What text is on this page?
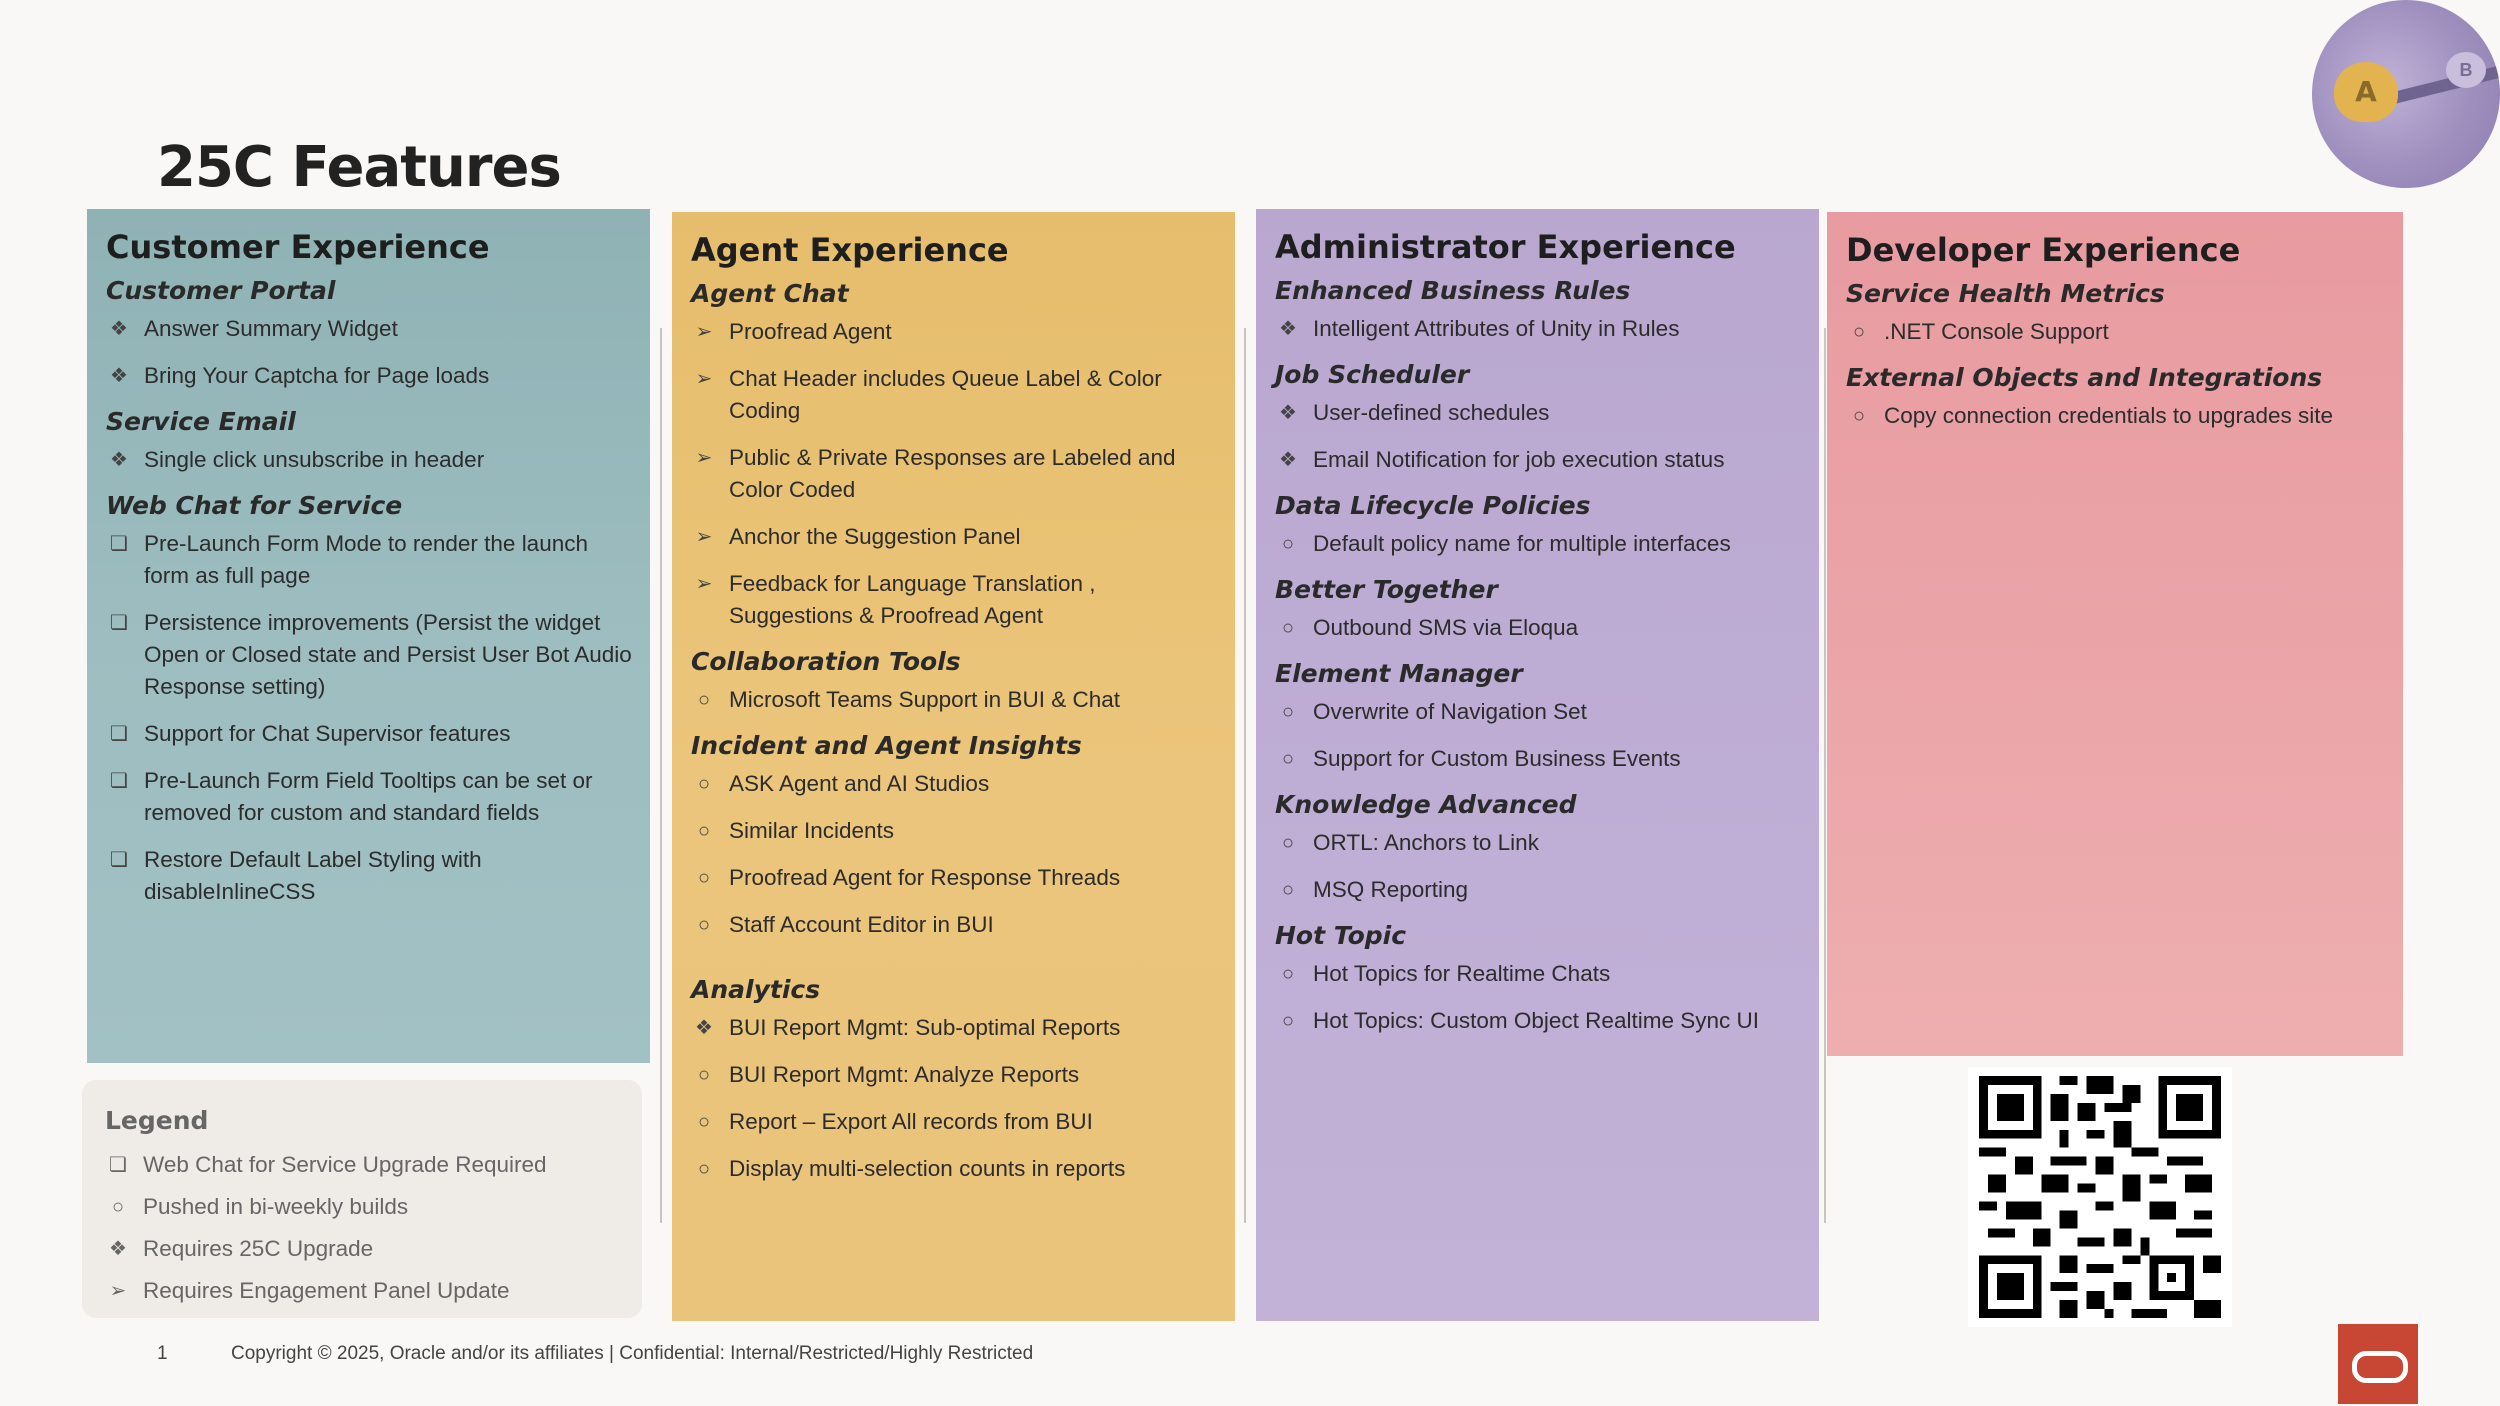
25C Features
A
B
Customer Experience
Customer Portal
❖ Answer Summary Widget
❖ Bring Your Captcha for Page loads
Service Email
❖ Single click unsubscribe in header
Web Chat for Service
❏ Pre-Launch Form Mode to render the launch form as full page
❏ Persistence improvements (Persist the widget Open or Closed state and Persist User Bot Audio Response setting)
❏ Support for Chat Supervisor features
❏ Pre-Launch Form Field Tooltips can be set or removed for custom and standard fields
❏ Restore Default Label Styling with disableInlineCSS
Agent Experience
Agent Chat
➢ Proofread Agent
➢ Chat Header includes Queue Label & Color Coding
➢ Public & Private Responses are Labeled and Color Coded
➢ Anchor the Suggestion Panel
➢ Feedback for Language Translation , Suggestions & Proofread Agent
Collaboration Tools
○ Microsoft Teams Support in BUI & Chat
Incident and Agent Insights
○ ASK Agent and AI Studios
○ Similar Incidents
○ Proofread Agent for Response Threads
○ Staff Account Editor in BUI
Analytics
❖ BUI Report Mgmt: Sub-optimal Reports
○ BUI Report Mgmt: Analyze Reports
○ Report – Export All records from BUI
○ Display multi-selection counts in reports
Administrator Experience
Enhanced Business Rules
❖ Intelligent Attributes of Unity in Rules
Job Scheduler
❖ User-defined schedules
❖ Email Notification for job execution status
Data Lifecycle Policies
○ Default policy name for multiple interfaces
Better Together
○ Outbound SMS via Eloqua
Element Manager
○ Overwrite of Navigation Set
○ Support for Custom Business Events
Knowledge Advanced
○ ORTL: Anchors to Link
○ MSQ Reporting
Hot Topic
○ Hot Topics for Realtime Chats
○ Hot Topics: Custom Object Realtime Sync UI
Developer Experience
Service Health Metrics
○ .NET Console Support
External Objects and Integrations
○ Copy connection credentials to upgrades site
Legend
❏ Web Chat for Service Upgrade Required
○ Pushed in bi-weekly builds
❖ Requires 25C Upgrade
➢ Requires Engagement Panel Update
1	Copyright © 2025, Oracle and/or its affiliates | Confidential: Internal/Restricted/Highly Restricted
